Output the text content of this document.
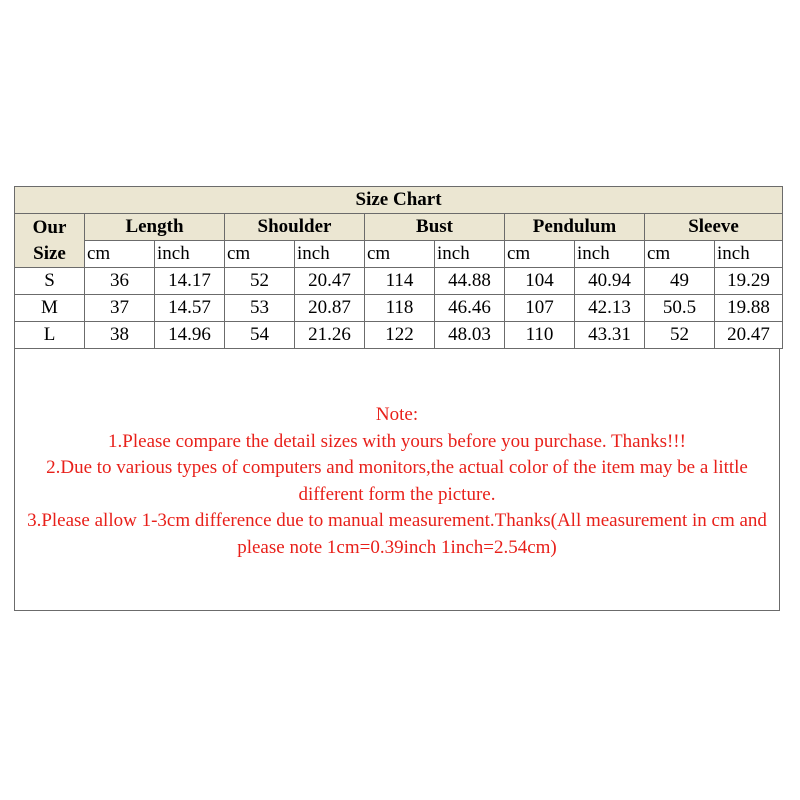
Size Chart										

Our
Size	Length		Shoulder		Bust		Pendulum		Sleeve	
	cm	inch	cm	inch	cm	inch	cm	inch	cm	inch
S	36	14.17	52	20.47	114	44.88	104	40.94	49	19.29
M	37	14.57	53	20.87	118	46.46	107	42.13	50.5	19.88
L	38	14.96	54	21.26	122	48.03	110	43.31	52	20.47
Note:
1.Please compare the detail sizes with yours before you purchase. Thanks!!!
2.Due to various types of computers and monitors,the actual color of the item may be a little different form the picture.
3.Please allow 1-3cm difference due to manual measurement.Thanks(All measurement in cm and please note 1cm=0.39inch 1inch=2.54cm)
